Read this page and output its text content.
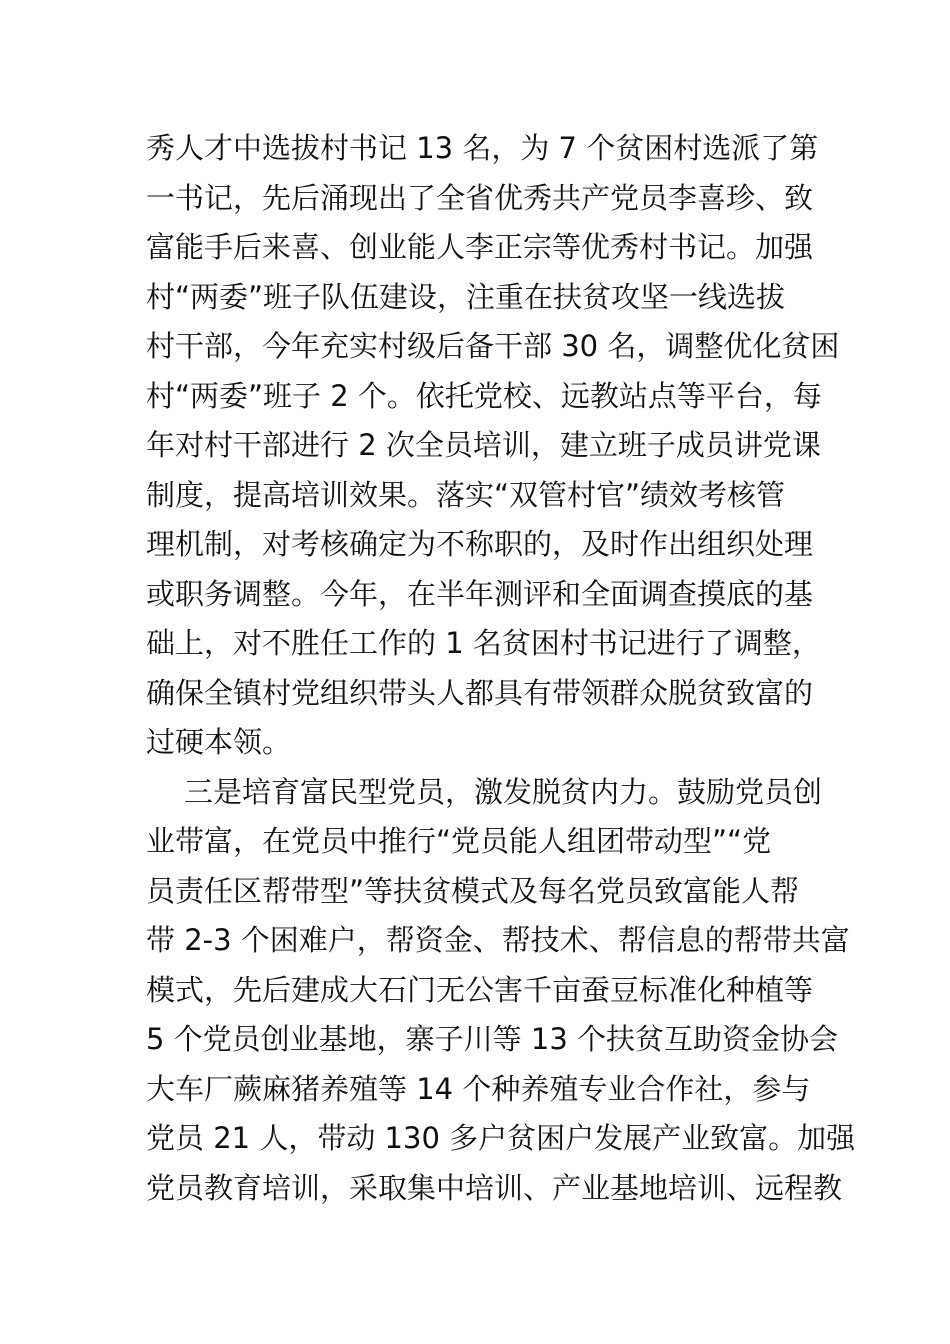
秀人才中选拔村书记 13 名，为 7 个贫困村选派了第
一书记，先后涌现出了全省优秀共产党员李喜珍、致
富能手后来喜、创业能人李正宗等优秀村书记。加强
村“两委”班子队伍建设，注重在扶贫攻坚一线选拔
村干部，今年充实村级后备干部 30 名，调整优化贫困
村“两委”班子 2 个。依托党校、远教站点等平台，每
年对村干部进行 2 次全员培训，建立班子成员讲党课
制度，提高培训效果。落实“双管村官”绩效考核管
理机制，对考核确定为不称职的，及时作出组织处理
或职务调整。今年，在半年测评和全面调查摸底的基
础上，对不胜任工作的 1 名贫困村书记进行了调整，
确保全镇村党组织带头人都具有带领群众脱贫致富的
过硬本领。
三是培育富民型党员，激发脱贫内力。鼓励党员创
业带富，在党员中推行“党员能人组团带动型”“党
员责任区帮带型”等扶贫模式及每名党员致富能人帮
带 2-3 个困难户，帮资金、帮技术、帮信息的帮带共富
模式，先后建成大石门无公害千亩蚕豆标准化种植等
5 个党员创业基地，寨子川等 13 个扶贫互助资金协会
大车厂蕨麻猪养殖等 14 个种养殖专业合作社，参与
党员 21 人，带动 130 多户贫困户发展产业致富。加强
党员教育培训，采取集中培训、产业基地培训、远程教
